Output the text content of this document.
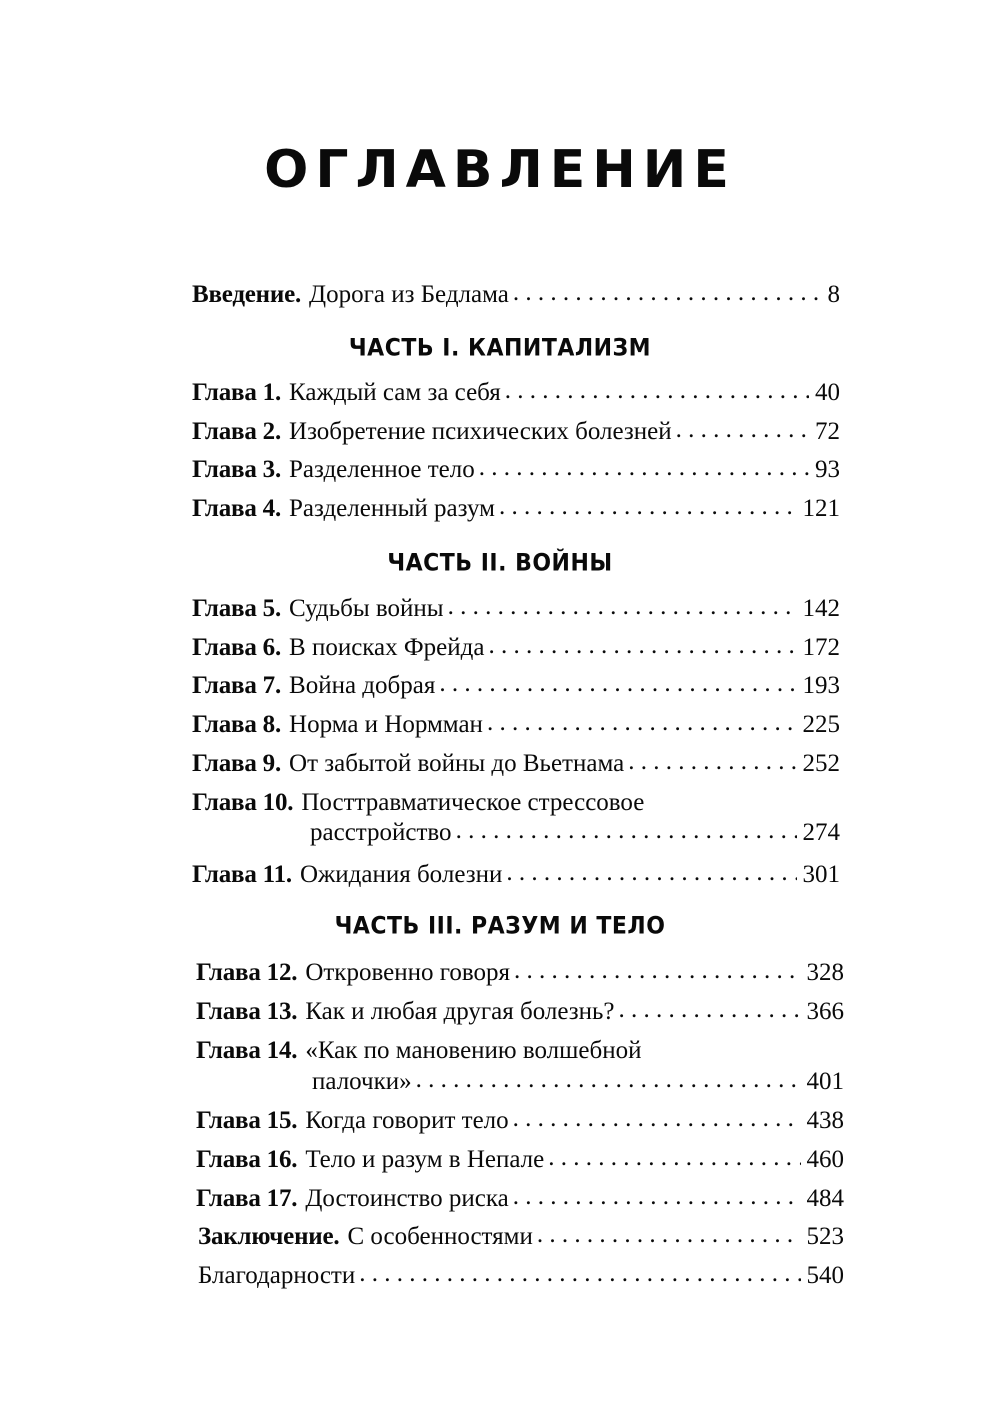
ОГЛАВЛЕНИЕ
Введение. Дорога из Бедлама . . .	8
ЧАСТЬ I. КАПИТАЛИЗМ
Глава 1. Каждый сам за себя . . .	40
Глава 2. Изобретение психических болезней . . .	72
Глава 3. Разделенное тело . . .	93
Глава 4. Разделенный разум . . .	121
ЧАСТЬ II. ВОЙНЫ
Глава 5. Судьбы войны . . .	142
Глава 6. В поисках Фрейда . . .	172
Глава 7. Война добрая . . .	193
Глава 8. Норма и Нормман . . .	225
Глава 9. От забытой войны до Вьетнама . . .	252
Глава 10. Посттравматическое стрессовое
расстройство . . .	274
Глава 11. Ожидания болезни . . .	301
ЧАСТЬ III. РАЗУМ И ТЕЛО
Глава 12. Откровенно говоря . . .	328
Глава 13. Как и любая другая болезнь? . . .	366
Глава 14. «Как по мановению волшебной
палочки» . . .	401
Глава 15. Когда говорит тело . . .	438
Глава 16. Тело и разум в Непале . . .	460
Глава 17. Достоинство риска . . .	484
Заключение. С особенностями . . .	523
Благодарности . . .	540
